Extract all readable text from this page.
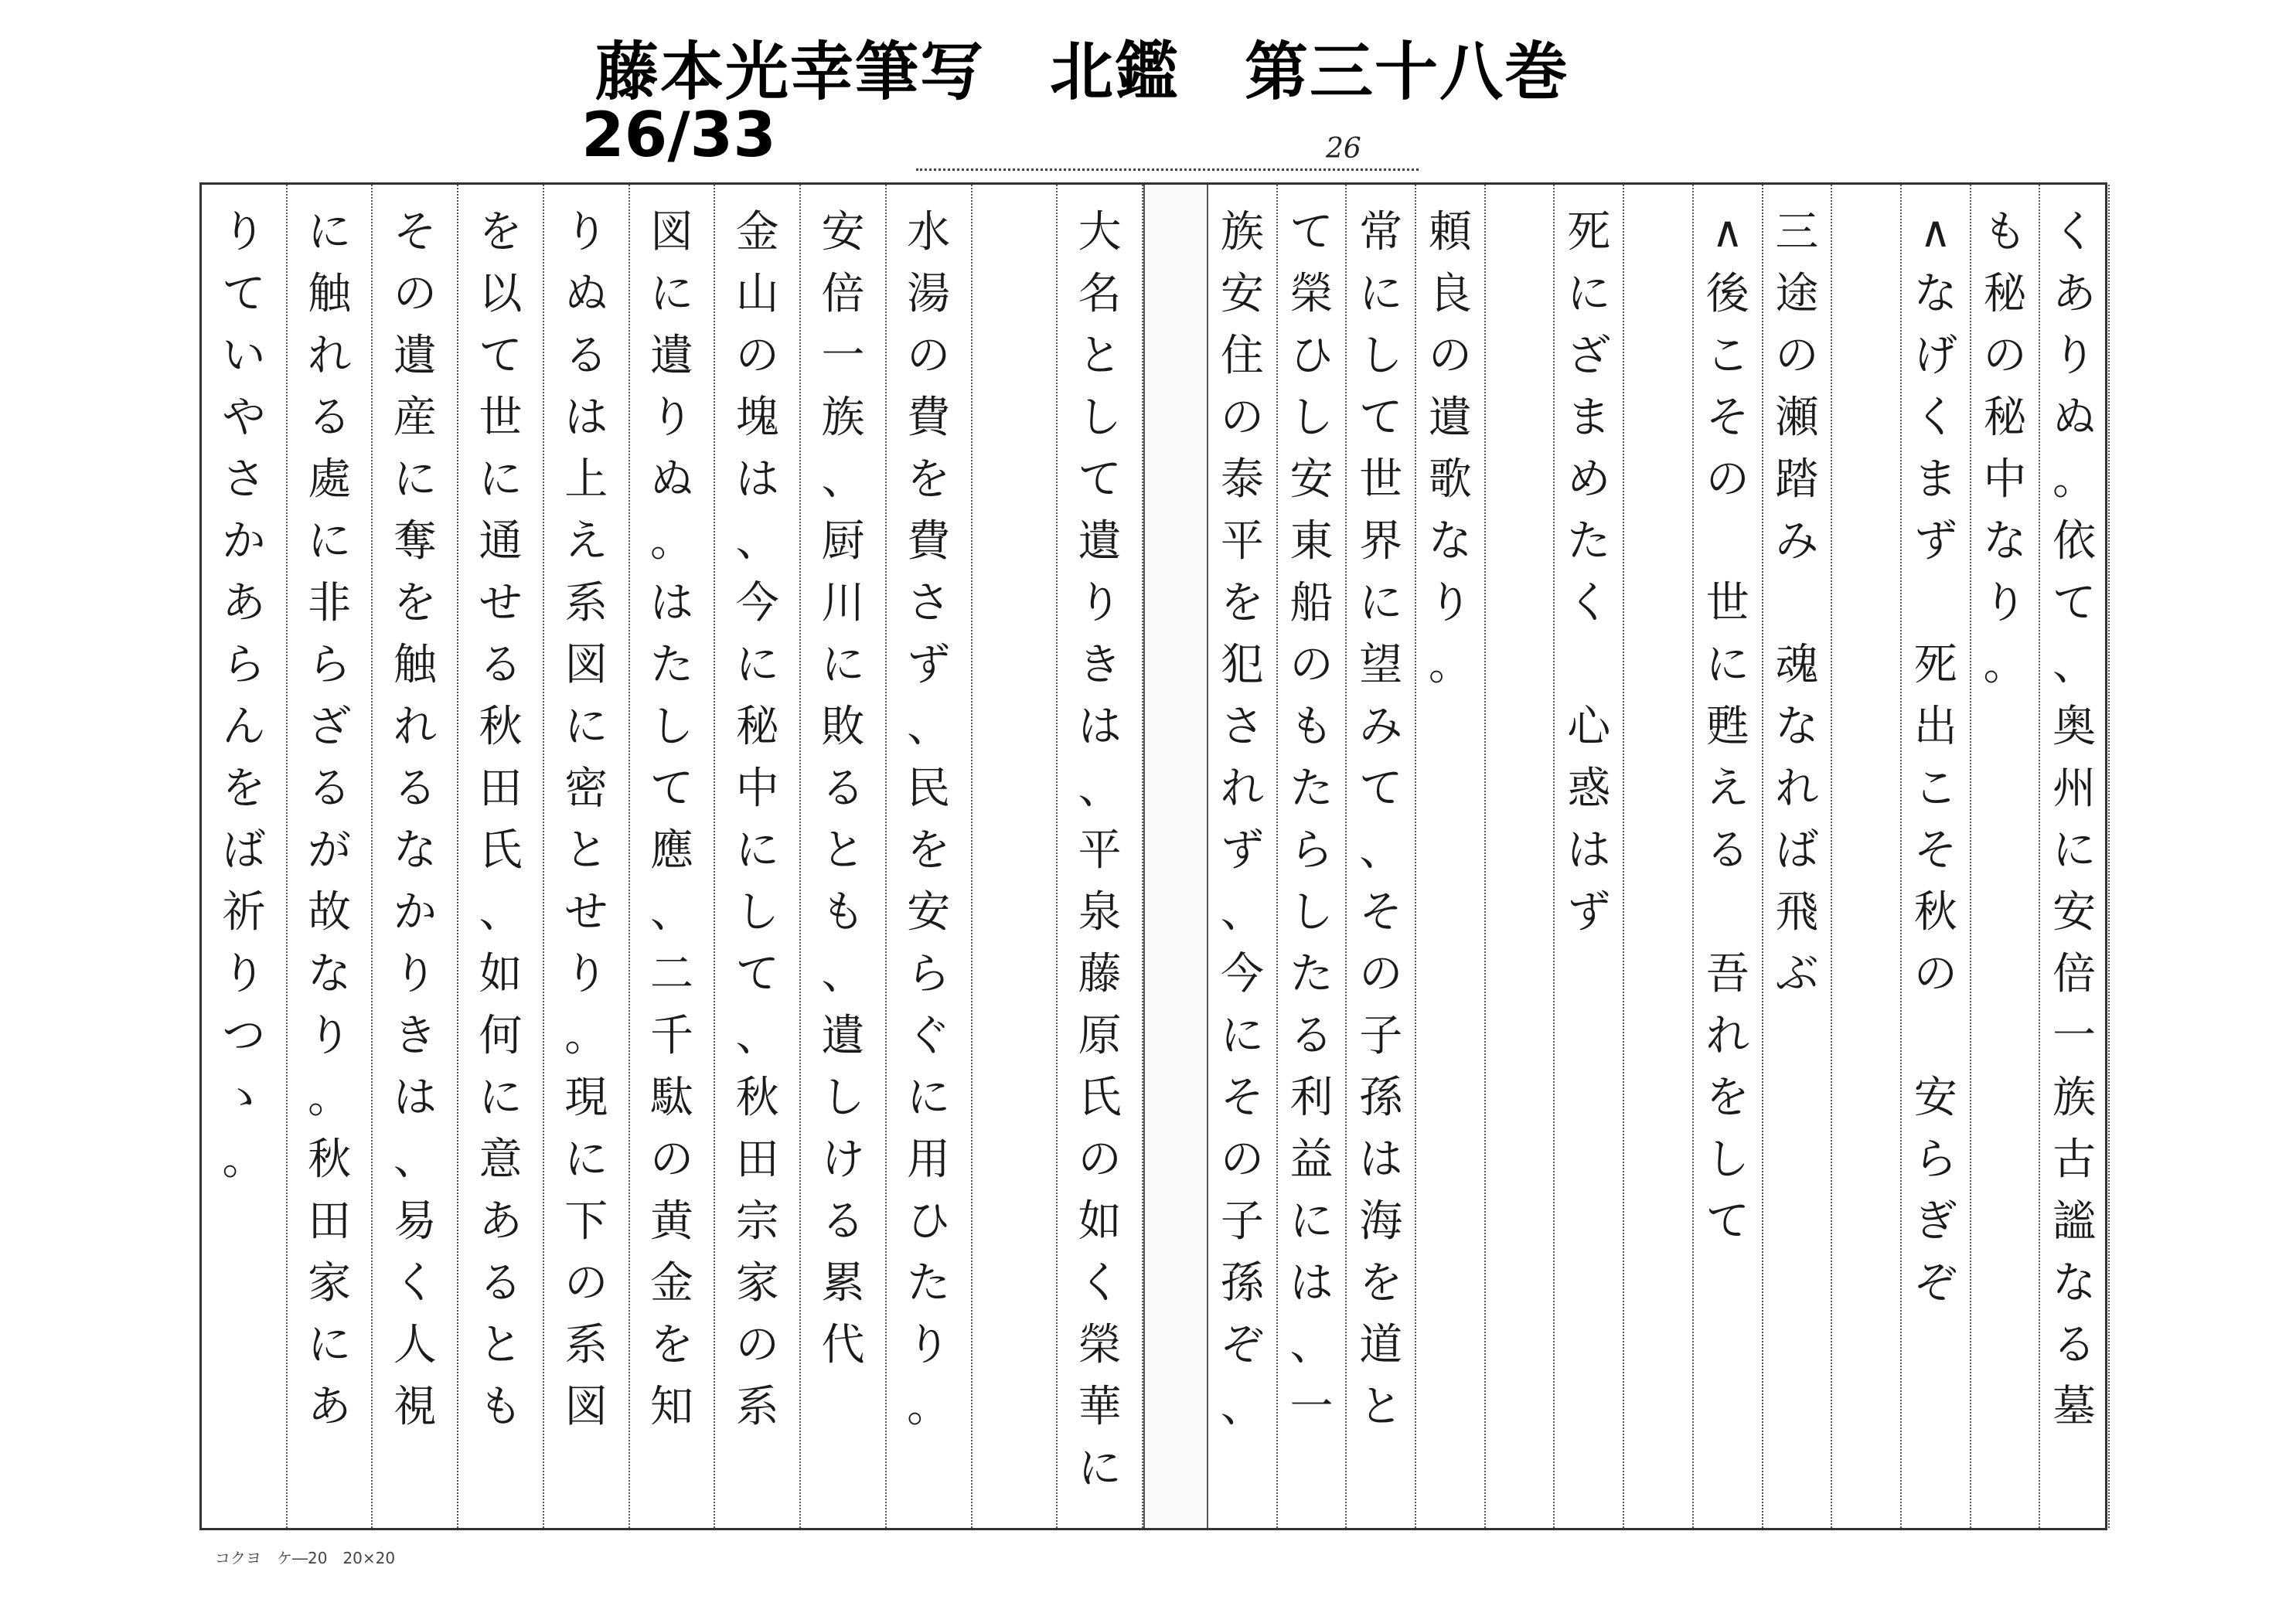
藤本光幸筆写　北鑑　第三十八巻
26/33	26
く
あ
り
ぬ
。
依
て
、
奥
州
に
安
倍
一
族
古
謐
な
る
墓
も
秘
の
秘
中
な
り
。
∧
な
げ
く
ま
ず
死
出
こ
そ
秋
の
安
ら
ぎ
ぞ
三
途
の
瀬
踏
み
魂
な
れ
ば
飛
ぶ
∧
後
こ
そ
の
世
に
甦
え
る
吾
れ
を
し
て
死
に
ざ
ま
め
た
く
心
惑
は
ず
頼
良
の
遺
歌
な
り
。
常
に
し
て
世
界
に
望
み
て
、
そ
の
子
孫
は
海
を
道
と
て
榮
ひ
し
安
東
船
の
も
た
ら
し
た
る
利
益
に
は
、
一
族
安
住
の
泰
平
を
犯
さ
れ
ず
、
今
に
そ
の
子
孫
ぞ
、
大
名
と
し
て
遺
り
き
は
、
平
泉
藤
原
氏
の
如
く
榮
華
に
水
湯
の
費
を
費
さ
ず
、
民
を
安
ら
ぐ
に
用
ひ
た
り
。
安
倍
一
族
、
厨
川
に
敗
る
と
も
、
遺
し
け
る
累
代
金
山
の
塊
は
、
今
に
秘
中
に
し
て
、
秋
田
宗
家
の
系
図
に
遺
り
ぬ
。
は
た
し
て
應
、
二
千
駄
の
黄
金
を
知
り
ぬ
る
は
上
え
系
図
に
密
と
せ
り
。
現
に
下
の
系
図
を
以
て
世
に
通
せ
る
秋
田
氏
、
如
何
に
意
あ
る
と
も
そ
の
遺
産
に
奪
を
触
れ
る
な
か
り
き
は
、
易
く
人
視
に
触
れ
る
處
に
非
ら
ざ
る
が
故
な
り
。
秋
田
家
に
あ
り
て
い
や
さ
か
あ
ら
ん
を
ば
祈
り
つ
ゝ
。
コクヨ　ケ―20　20×20
